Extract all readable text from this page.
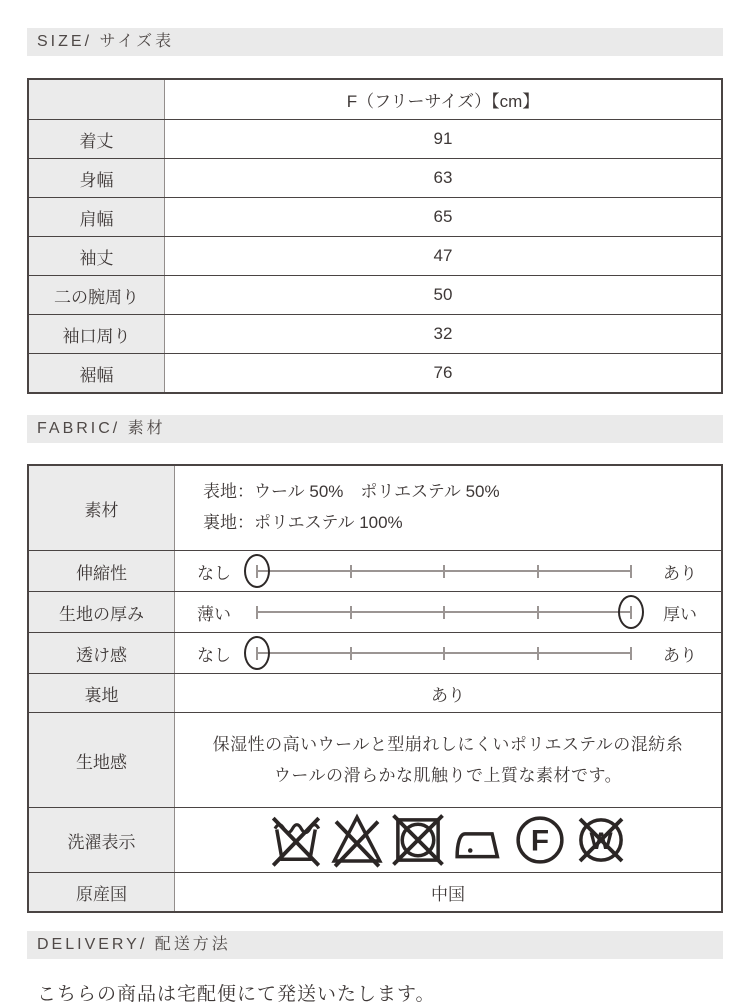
SIZE/ サイズ表
	F（フリーサイズ）【cm】
着丈	91
身幅	63
肩幅	65
袖丈	47
二の腕周り	50
袖口周り	32
裾幅	76
FABRIC/ 素材
素材	表地：ウール 50%　ポリエステル 50%
裏地：ポリエステル 100%

伸縮性	なし あり

生地の厚み	薄い 厚い

透け感	なし あり

裏地	あり
生地感	保湿性の高いウールと型崩れしにくいポリエステルの混紡糸
ウールの滑らかな肌触りで上質な素材です。

洗濯表示	F W

原産国	中国
DELIVERY/ 配送方法
こちらの商品は宅配便にて発送いたします。
